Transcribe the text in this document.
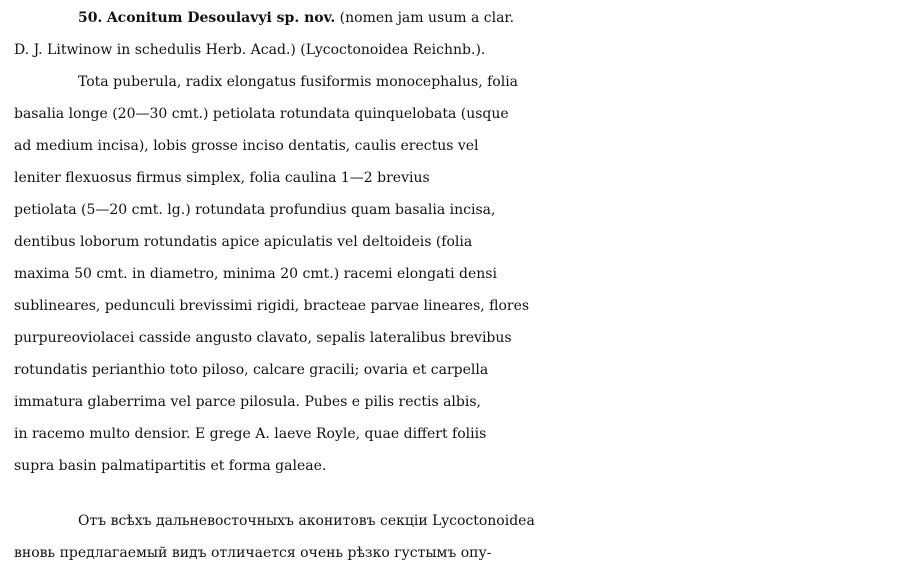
50. Aconitum Desoulavyi sp. nov. (nomen jam usum a clar.
D. J. Litwinow in schedulis Herb. Acad.) (Lycoctonoidea Reichnb.).
Tota puberula, radix elongatus fusiformis monocephalus, folia
basalia longe (20—30 cmt.) petiolata rotundata quinquelobata (usque
ad medium incisa), lobis grosse inciso dentatis, caulis erectus vel
leniter flexuosus firmus simplex, folia caulina 1—2 brevius
petiolata (5—20 cmt. lg.) rotundata profundius quam basalia incisa,
dentibus loborum rotundatis apice apiculatis vel deltoideis (folia
maxima 50 cmt. in diametro, minima 20 cmt.) racemi elongati densi
sublineares, pedunculi brevissimi rigidi, bracteae parvae lineares, flores
purpureoviolacei casside angusto clavato, sepalis lateralibus brevibus
rotundatis perianthio toto piloso, calcare gracili; ovaria et carpella
immatura glaberrima vel parce pilosula. Pubes e pilis rectis albis,
in racemo multo densior. E grege A. laeve Royle, quae differt foliis
supra basin palmatipartitis et forma galeae.
Отъ всѣхъ дальневосточныхъ аконитовъ секціи Lycoctonoidea
вновь предлагаемый видъ отличается очень рѣзко густымъ опу-
